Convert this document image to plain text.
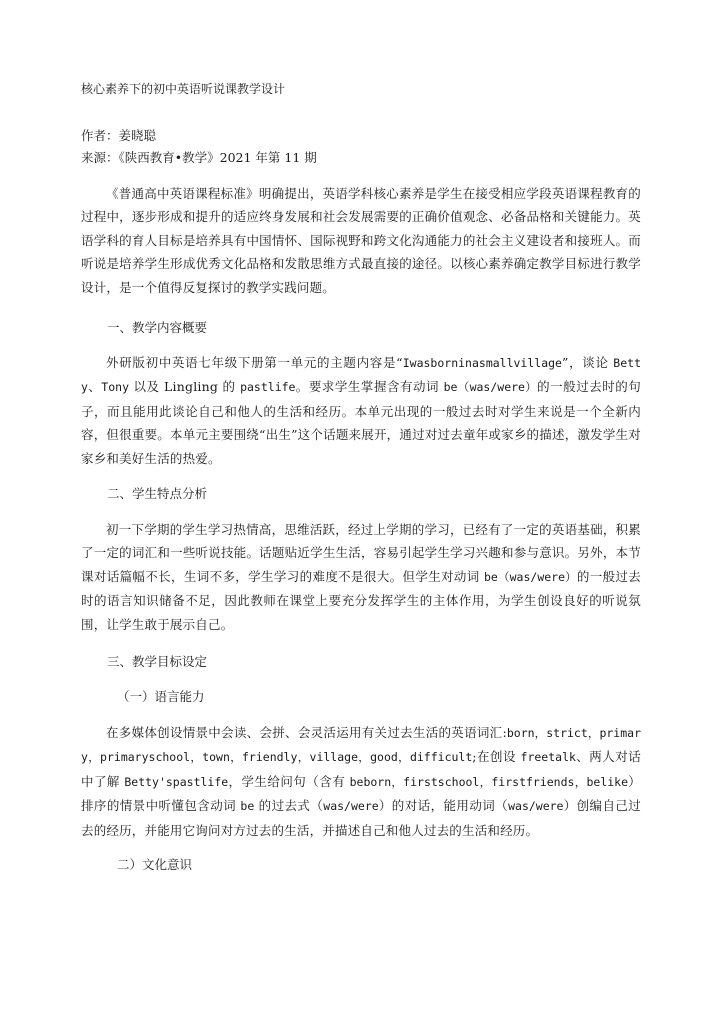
核心素养下的初中英语听说课教学设计
作者：姜晓聪
来源：《陕西教育•教学》2021 年第 11 期

《普通高中英语课程标准》明确提出，英语学科核心素养是学生在接受相应学段英语课程教育的过程中，逐步形成和提升的适应终身发展和社会发展需要的正确价值观念、必备品格和关键能力。英语学科的育人目标是培养具有中国情怀、国际视野和跨文化沟通能力的社会主义建设者和接班人。而听说是培养学生形成优秀文化品格和发散思维方式最直接的途径。以核心素养确定教学目标进行教学设计，是一个值得反复探讨的教学实践问题。

一、教学内容概要

外研版初中英语七年级下册第一单元的主题内容是“Iwasborninasmallvillage”，谈论 Betty、Tony 以及 Lingling 的 pastlife。要求学生掌握含有动词 be（was/were）的一般过去时的句子，而且能用此谈论自己和他人的生活和经历。本单元出现的一般过去时对学生来说是一个全新内容，但很重要。本单元主要围绕“出生”这个话题来展开，通过对过去童年或家乡的描述，激发学生对家乡和美好生活的热爱。

二、学生特点分析

初一下学期的学生学习热情高，思维活跃，经过上学期的学习，已经有了一定的英语基础，积累了一定的词汇和一些听说技能。话题贴近学生生活，容易引起学生学习兴趣和参与意识。另外，本节课对话篇幅不长，生词不多，学生学习的难度不是很大。但学生对动词 be（was/were）的一般过去时的语言知识储备不足，因此教师在课堂上要充分发挥学生的主体作用，为学生创设良好的听说氛围，让学生敢于展示自己。

三、教学目标设定
（一）语言能力

在多媒体创设情景中会读、会拼、会灵活运用有关过去生活的英语词汇:born，strict，primary，primaryschool，town，friendly，village，good，difficult;在创设 freetalk、两人对话中了解 Betty'spastlife，学生给问句（含有 beborn，firstschool，firstfriends，belike）排序的情景中听懂包含动词 be 的过去式（was/were）的对话，能用动词（was/were）创编自己过去的经历，并能用它询问对方过去的生活，并描述自己和他人过去的生活和经历。

二）文化意识
